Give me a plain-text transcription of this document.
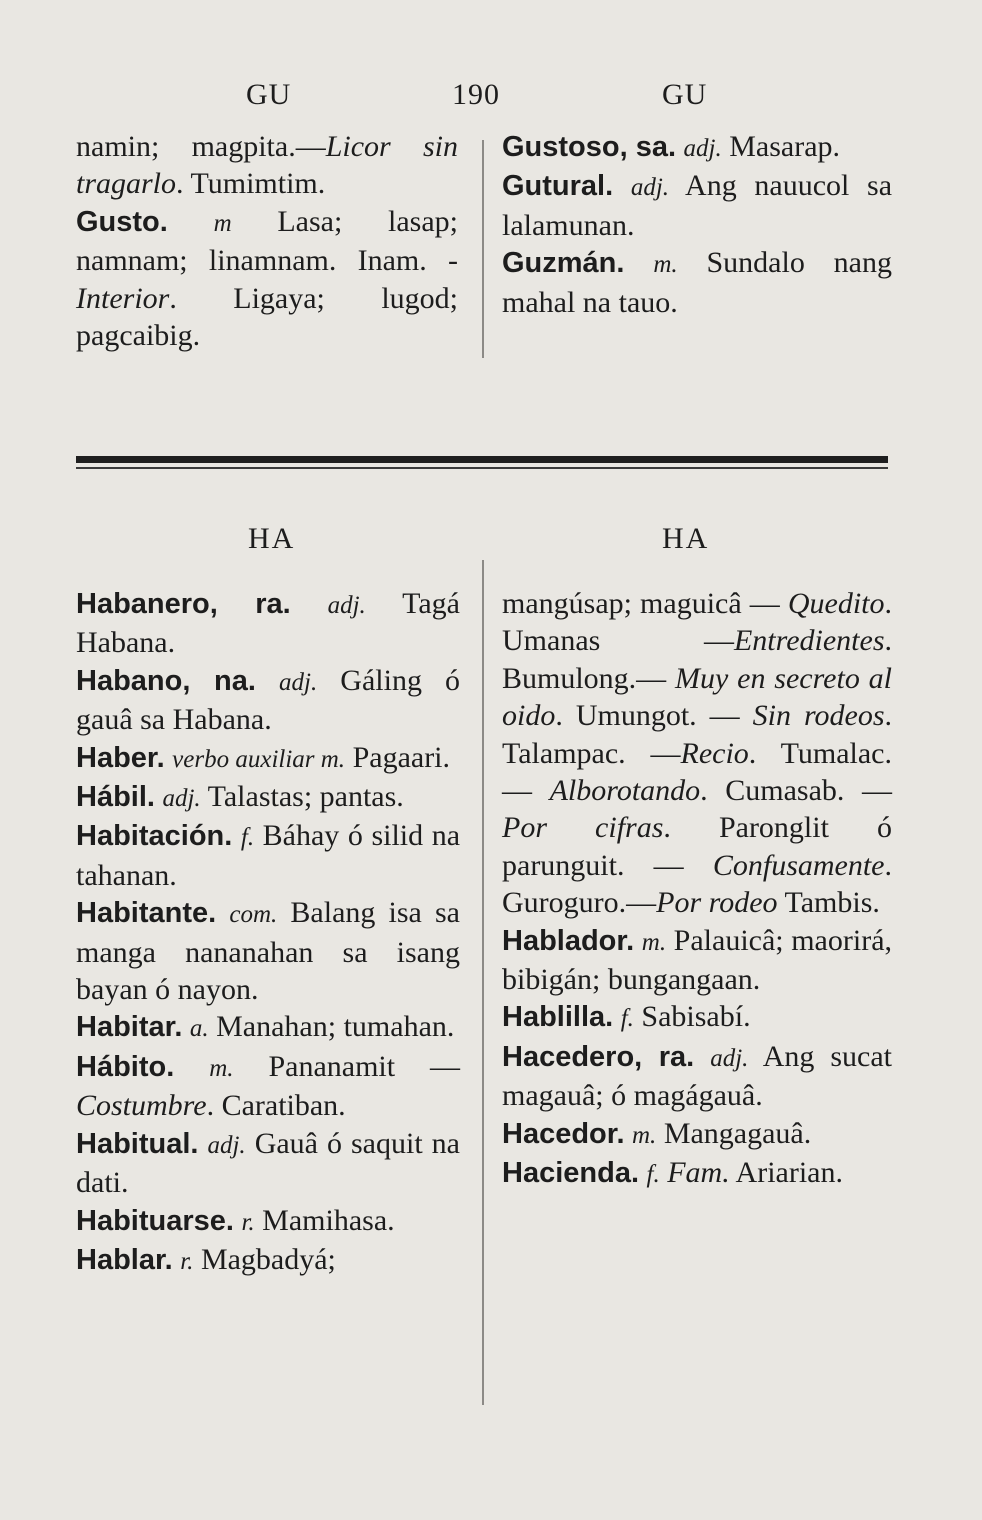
GU	190	GU

namin; magpita.—Licor sin tragarlo. Tumimtim.

Gusto. m Lasa; lasap; namnam; linamnam. Inam. -Interior. Ligaya; lugod; pagcaibig.

Gustoso, sa. adj. Masarap.

Gutural. adj. Ang nauucol sa lalamunan.

Guzmán. m. Sundalo nang mahal na tauo.

HA	HA

Habanero, ra. adj. Tagá Habana.

Habano, na. adj. Gáling ó gauâ sa Habana.

Haber. verbo auxiliar m. Pagaari.

Hábil. adj. Talastas; pantas.

Habitación. f. Báhay ó silid na tahanan.

Habitante. com. Balang isa sa manga nananahan sa isang bayan ó nayon.

Habitar. a. Manahan; tumahan.

Hábito. m. Pananamit —Costumbre. Caratiban.

Habitual. adj. Gauâ ó saquit na dati.

Habituarse. r. Mamihasa.

Hablar. r. Magbadyá;

mangúsap; maguicâ — Quedito. Umanas —Entredientes. Bumulong.— Muy en secreto al oido. Umungot. — Sin rodeos. Talampac. —Recio. Tumalac. — Alborotando. Cumasab. — Por cifras. Paronglit ó parunguit. — Confusamente. Guroguro.—Por rodeo Tambis.

Hablador. m. Palauicâ; maorirá, bibigán; bungangaan.

Hablilla. f. Sabisabí.

Hacedero, ra. adj. Ang sucat magauâ; ó magágauâ.

Hacedor. m. Mangagauâ.

Hacienda. f. Fam. Ariarian.
